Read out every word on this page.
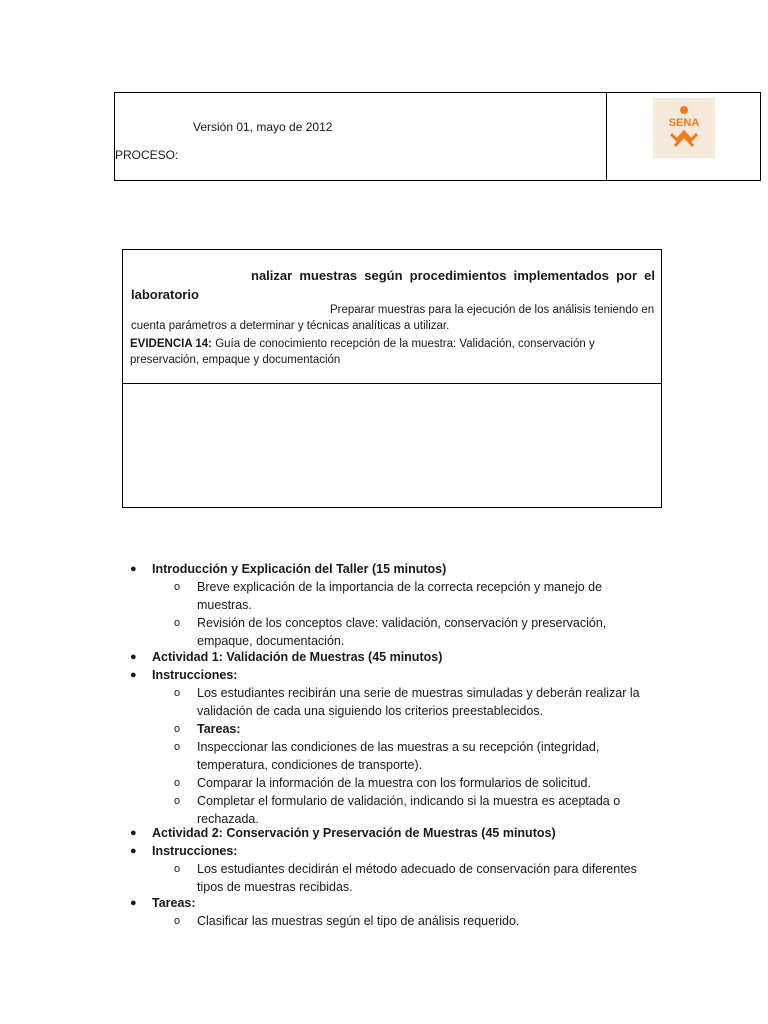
Versión 01, mayo de 2012
PROCESO:
SENA
nalizar muestras según procedimientos implementados por el
laboratorio
Preparar muestras para la ejecución de los análisis teniendo en
cuenta parámetros a determinar y técnicas analíticas a utilizar.
EVIDENCIA 14: Guía de conocimiento recepción de la muestra: Validación, conservación y preservación, empaque y documentación
● Introducción y Explicación del Taller (15 minutos)
o Breve explicación de la importancia de la correcta recepción y manejo de muestras.
o Revisión de los conceptos clave: validación, conservación y preservación, empaque, documentación.
● Actividad 1: Validación de Muestras (45 minutos)
● Instrucciones:
o Los estudiantes recibirán una serie de muestras simuladas y deberán realizar la validación de cada una siguiendo los criterios preestablecidos.
o Tareas:
o Inspeccionar las condiciones de las muestras a su recepción (integridad, temperatura, condiciones de transporte).
o Comparar la información de la muestra con los formularios de solicitud.
o Completar el formulario de validación, indicando si la muestra es aceptada o rechazada.
● Actividad 2: Conservación y Preservación de Muestras (45 minutos)
● Instrucciones:
o Los estudiantes decidirán el método adecuado de conservación para diferentes tipos de muestras recibidas.
● Tareas:
o Clasificar las muestras según el tipo de análisis requerido.
